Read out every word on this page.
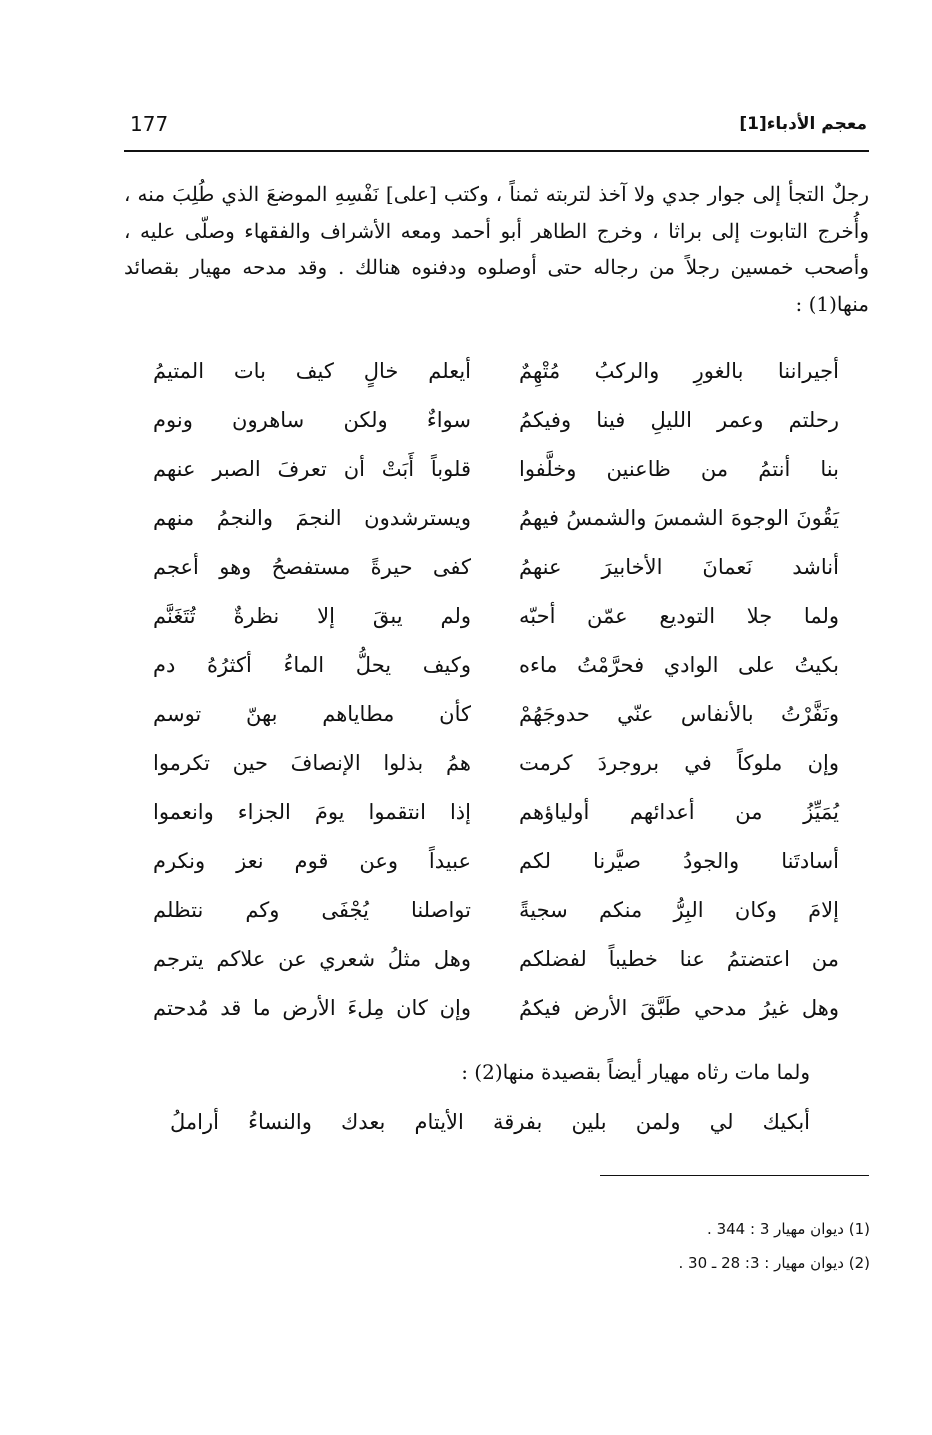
177	معجم الأدباء[1]

رجلٌ التجأ إلى جوار جدي ولا آخذ لتربته ثمناً ، وكتب [على] نَفْسِهِ الموضعَ الذي طُلِبَ منه ، وأُخرج التابوت إلى براثا ، وخرج الطاهر أبو أحمد ومعه الأشراف والفقهاء وصلّى عليه ، وأصحب خمسين رجلاً من رجاله حتى أوصلوه ودفنوه هنالك . وقد مدحه مهيار بقصائد منها(1) :

أجيراننا بالغورِ والركبُ مُتْهِمٌ
أيعلم خالٍ كيف بات المتيمُ
رحلتم وعمر الليلِ فينا وفيكمُ
سواءٌ ولكن ساهرون ونوم
بنا أنتمُ من ظاعنين وخلَّفوا
قلوباً أَبَتْ أن تعرفَ الصبر عنهم
يَقُونَ الوجوهَ الشمسَ والشمسُ فيهمُ
ويسترشدون النجمَ والنجمُ منهم
أناشد نَعمانَ الأخابيرَ عنهمُ
كفى حيرةً مستفصحُ وهو أعجم
ولما جلا التوديع عمّن أحبّه
ولم يبقَ إلا نظرةٌ تُتَغَنَّم
بكيتُ على الوادي فحرَّمْتُ ماءه
وكيف يحلُّ الماءُ أكثرُهُ دم
ونَفَّرْتُ بالأنفاس عنّي حدوجَهُمْ
كأن مطاياهم بهنّ توسم
وإن ملوكاً في بروجردَ كرمت
همُ بذلوا الإنصافَ حين تكرموا
يُمَيِّزُ من أعدائهم أولياؤهم
إذا انتقموا يومَ الجزاء وانعموا
أسادتَنا والجودُ صيَّرنا لكم
عبيداً وعن قوم نعز ونكرم
إلامَ وكان البِرُّ منكم سجيةً
تواصلنا يُجْفَى وكم نتظلم
من اعتضتمُ عنا خطيباً لفضلكم
وهل مثلُ شعري عن علاكم يترجم
وهل غيرُ مدحي طَبَّقَ الأرض فيكمُ
وإن كان مِلءَ الأرض ما قد مُدحتم

ولما مات رثاه مهيار أيضاً بقصيدة منها(2) :

أبكيك لي ولمن بلين بفرقة الأيتام بعدك والنساءُ أراملُ

(1) ديوان مهيار 3 : 344 .
(2) ديوان مهيار : 3: 28 ـ 30 .
